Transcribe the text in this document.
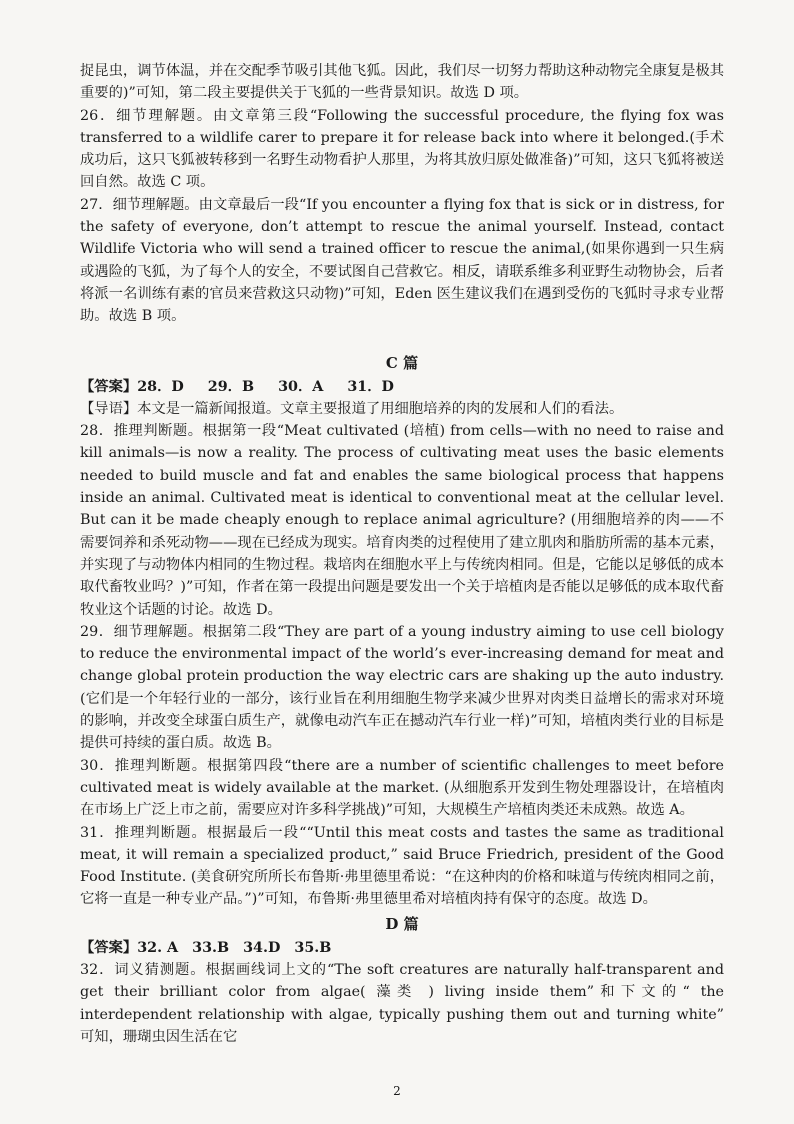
捉昆虫，调节体温，并在交配季节吸引其他飞狐。因此，我们尽一切努力帮助这种动物完全康复是极其重要的)”可知，第二段主要提供关于飞狐的一些背景知识。故选 D 项。

26．细节理解题。由文章第三段“Following the successful procedure, the flying fox was transferred to a wildlife carer to prepare it for release back into where it belonged.(手术成功后，这只飞狐被转移到一名野生动物看护人那里，为将其放归原处做准备)”可知，这只飞狐将被送回自然。故选 C 项。

27．细节理解题。由文章最后一段“If you encounter a flying fox that is sick or in distress, for the safety of everyone, don’t attempt to rescue the animal yourself. Instead, contact Wildlife Victoria who will send a trained officer to rescue the animal,(如果你遇到一只生病或遇险的飞狐，为了每个人的安全，不要试图自己营救它。相反，请联系维多利亚野生动物协会，后者将派一名训练有素的官员来营救这只动物)”可知，Eden 医生建议我们在遇到受伤的飞狐时寻求专业帮助。故选 B 项。

C 篇

【答案】28．D 29．B 30．A 31．D

【导语】本文是一篇新闻报道。文章主要报道了用细胞培养的肉的发展和人们的看法。

28．推理判断题。根据第一段“Meat cultivated (培植) from cells—with no need to raise and kill animals—is now a reality. The process of cultivating meat uses the basic elements needed to build muscle and fat and enables the same biological process that happens inside an animal. Cultivated meat is identical to conventional meat at the cellular level. But can it be made cheaply enough to replace animal agriculture? (用细胞培养的肉——不需要饲养和杀死动物——现在已经成为现实。培育肉类的过程使用了建立肌肉和脂肪所需的基本元素，并实现了与动物体内相同的生物过程。栽培肉在细胞水平上与传统肉相同。但是，它能以足够低的成本取代畜牧业吗？)”可知，作者在第一段提出问题是要发出一个关于培植肉是否能以足够低的成本取代畜牧业这个话题的讨论。故选 D。

29．细节理解题。根据第二段“They are part of a young industry aiming to use cell biology to reduce the environmental impact of the world’s ever-increasing demand for meat and change global protein production the way electric cars are shaking up the auto industry. (它们是一个年轻行业的一部分，该行业旨在利用细胞生物学来减少世界对肉类日益增长的需求对环境的影响，并改变全球蛋白质生产，就像电动汽车正在撼动汽车行业一样)”可知，培植肉类行业的目标是提供可持续的蛋白质。故选 B。

30．推理判断题。根据第四段“there are a number of scientific challenges to meet before cultivated meat is widely available at the market. (从细胞系开发到生物处理器设计，在培植肉在市场上广泛上市之前，需要应对许多科学挑战)”可知，大规模生产培植肉类还未成熟。故选 A。

31．推理判断题。根据最后一段““Until this meat costs and tastes the same as traditional meat, it will remain a specialized product,” said Bruce Friedrich, president of the Good Food Institute. (美食研究所所长布鲁斯·弗里德里希说：“在这种肉的价格和味道与传统肉相同之前，它将一直是一种专业产品。”)”可知，布鲁斯·弗里德里希对培植肉持有保守的态度。故选 D。

D 篇

【答案】32. A 33.B 34.D 35.B

32．词义猜测题。根据画线词上文的“The soft creatures are naturally half-transparent and get their brilliant color from algae( 藻类 ) living inside them”和下文的“ the interdependent relationship with algae, typically pushing them out and turning white” 可知，珊瑚虫因生活在它

2
